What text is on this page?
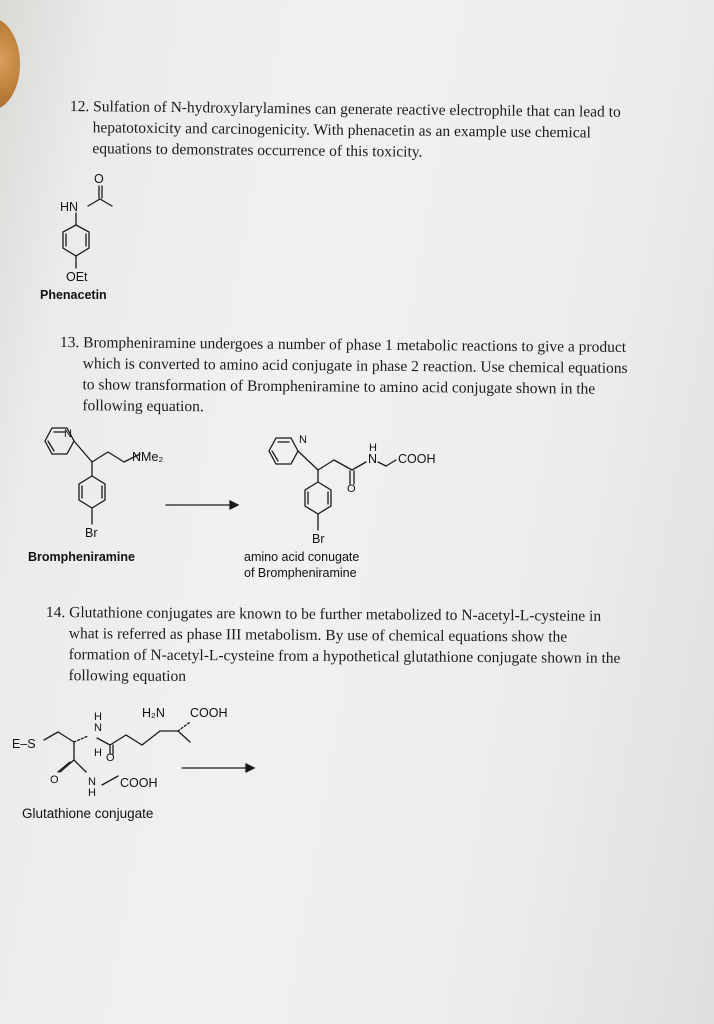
12. Sulfation of N-hydroxylarylamines can generate reactive electrophile that can lead to

hepatotoxicity and carcinogenicity. With phenacetin as an example use chemical

equations to demonstrates occurrence of this toxicity.

13. Brompheniramine undergoes a number of phase 1 metabolic reactions to give a product

which is converted to amino acid conjugate in phase 2 reaction. Use chemical equations

to show transformation of Brompheniramine to amino acid conjugate shown in the

following equation.

14. Glutathione conjugates are known to be further metabolized to N-acetyl-L-cysteine in

what is referred as phase III metabolism. By use of chemical equations show the

formation of N-acetyl-L-cysteine from a hypothetical glutathione conjugate shown in the

following equation

O
HN
OEt
Phenacetin
N
NMe₂
Br
Brompheniramine
N
H
N COOH
O
Br
amino acid conugate
of Brompheniramine
H₂N COOH
H
N
E–S
H O
O	N
H
COOH
Glutathione conjugate
